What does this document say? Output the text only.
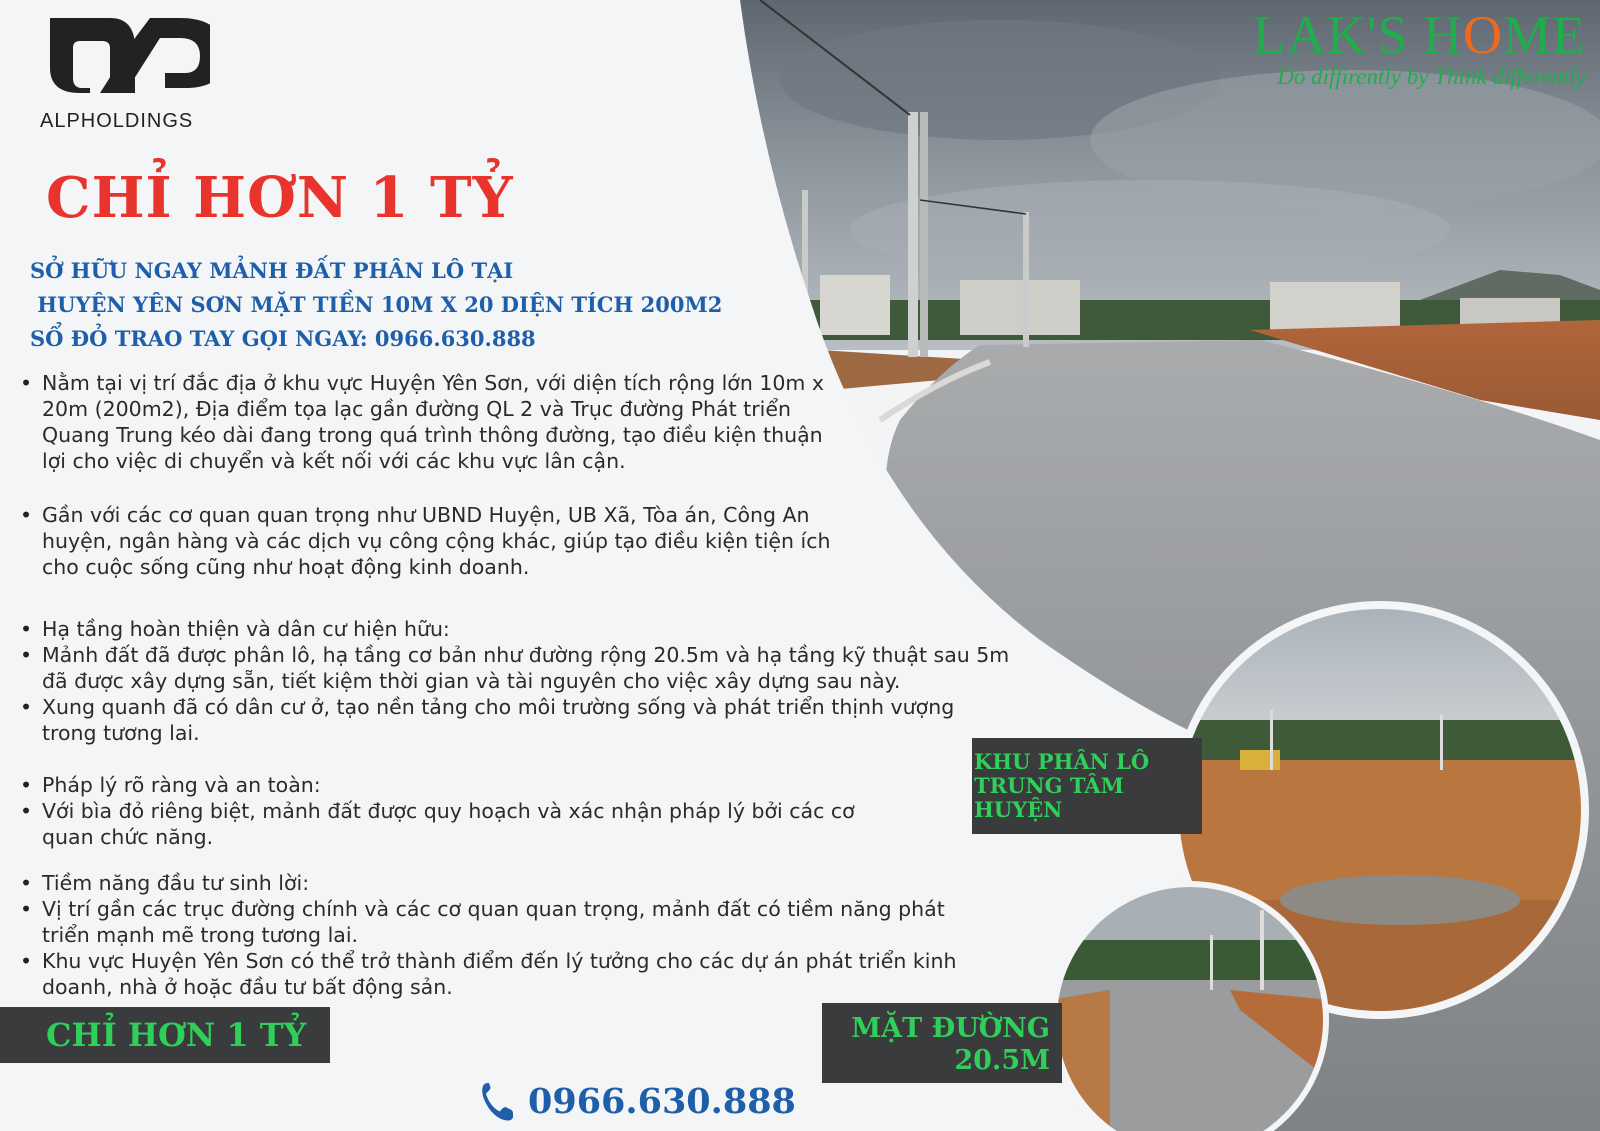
ALPHOLDINGS
LAK'S HOME
Do diffirently by Think differently
CHỈ HƠN 1 TỶ
SỞ HỮU NGAY MẢNH ĐẤT PHÂN LÔ TẠI
HUYỆN YÊN SƠN MẶT TIỀN 10M X 20 DIỆN TÍCH 200M2
SỔ ĐỎ TRAO TAY GỌI NGAY: 0966.630.888
• Nằm tại vị trí đắc địa ở khu vực Huyện Yên Sơn, với diện tích rộng lớn 10m x 20m (200m2), Địa điểm tọa lạc gần đường QL 2 và Trục đường Phát triển Quang Trung kéo dài đang trong quá trình thông đường, tạo điều kiện thuận lợi cho việc di chuyển và kết nối với các khu vực lân cận.
• Gần với các cơ quan quan trọng như UBND Huyện, UB Xã, Tòa án, Công An huyện, ngân hàng và các dịch vụ công cộng khác, giúp tạo điều kiện tiện ích cho cuộc sống cũng như hoạt động kinh doanh.
• Hạ tầng hoàn thiện và dân cư hiện hữu:
• Mảnh đất đã được phân lô, hạ tầng cơ bản như đường rộng 20.5m và hạ tầng kỹ thuật sau 5m đã được xây dựng sẵn, tiết kiệm thời gian và tài nguyên cho việc xây dựng sau này.
• Xung quanh đã có dân cư ở, tạo nền tảng cho môi trường sống và phát triển thịnh vượng trong tương lai.
• Pháp lý rõ ràng và an toàn:
• Với bìa đỏ riêng biệt, mảnh đất được quy hoạch và xác nhận pháp lý bởi các cơ quan chức năng.
• Tiềm năng đầu tư sinh lời:
• Vị trí gần các trục đường chính và các cơ quan quan trọng, mảnh đất có tiềm năng phát triển mạnh mẽ trong tương lai.
• Khu vực Huyện Yên Sơn có thể trở thành điểm đến lý tưởng cho các dự án phát triển kinh doanh, nhà ở hoặc đầu tư bất động sản.
CHỈ HƠN 1 TỶ
KHU PHÂN LÔ
TRUNG TÂM
HUYỆN
MẶT ĐƯỜNG
20.5M
0966.630.888
